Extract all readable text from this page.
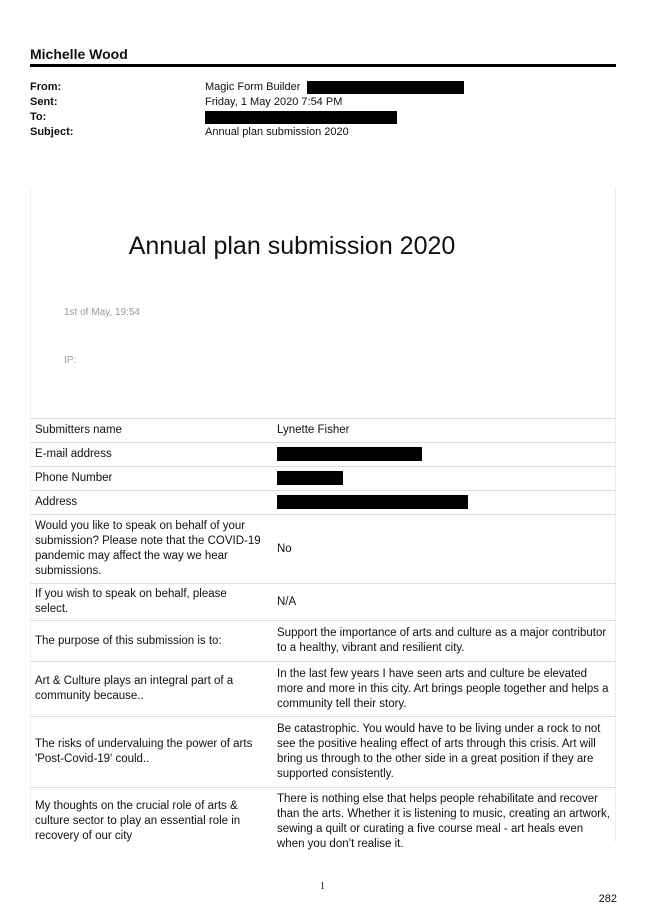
Michelle Wood
From:	Magic Form Builder
Sent:	Friday, 1 May 2020 7:54 PM
To:
Subject:	Annual plan submission 2020
Annual plan submission 2020
1st of May, 19:54
IP:
Submitters name	Lynette Fisher
E-mail address	
Phone Number	
Address	
Would you like to speak on behalf of your submission? Please note that the COVID-19 pandemic may affect the way we hear submissions.	No
If you wish to speak on behalf, please select.	N/A
The purpose of this submission is to:	Support the importance of arts and culture as a major contributor to a healthy, vibrant and resilient city.
Art & Culture plays an integral part of a community because..	In the last few years I have seen arts and culture be elevated more and more in this city. Art brings people together and helps a community tell their story.
The risks of undervaluing the power of arts 'Post-Covid-19' could..	Be catastrophic. You would have to be living under a rock to not see the positive healing effect of arts through this crisis. Art will bring us through to the other side in a great position if they are supported consistently.
My thoughts on the crucial role of arts & culture sector to play an essential role in recovery of our city	There is nothing else that helps people rehabilitate and recover than the arts. Whether it is listening to music, creating an artwork, sewing a quilt or curating a five course meal - art heals even when you don’t realise it.
1
282
